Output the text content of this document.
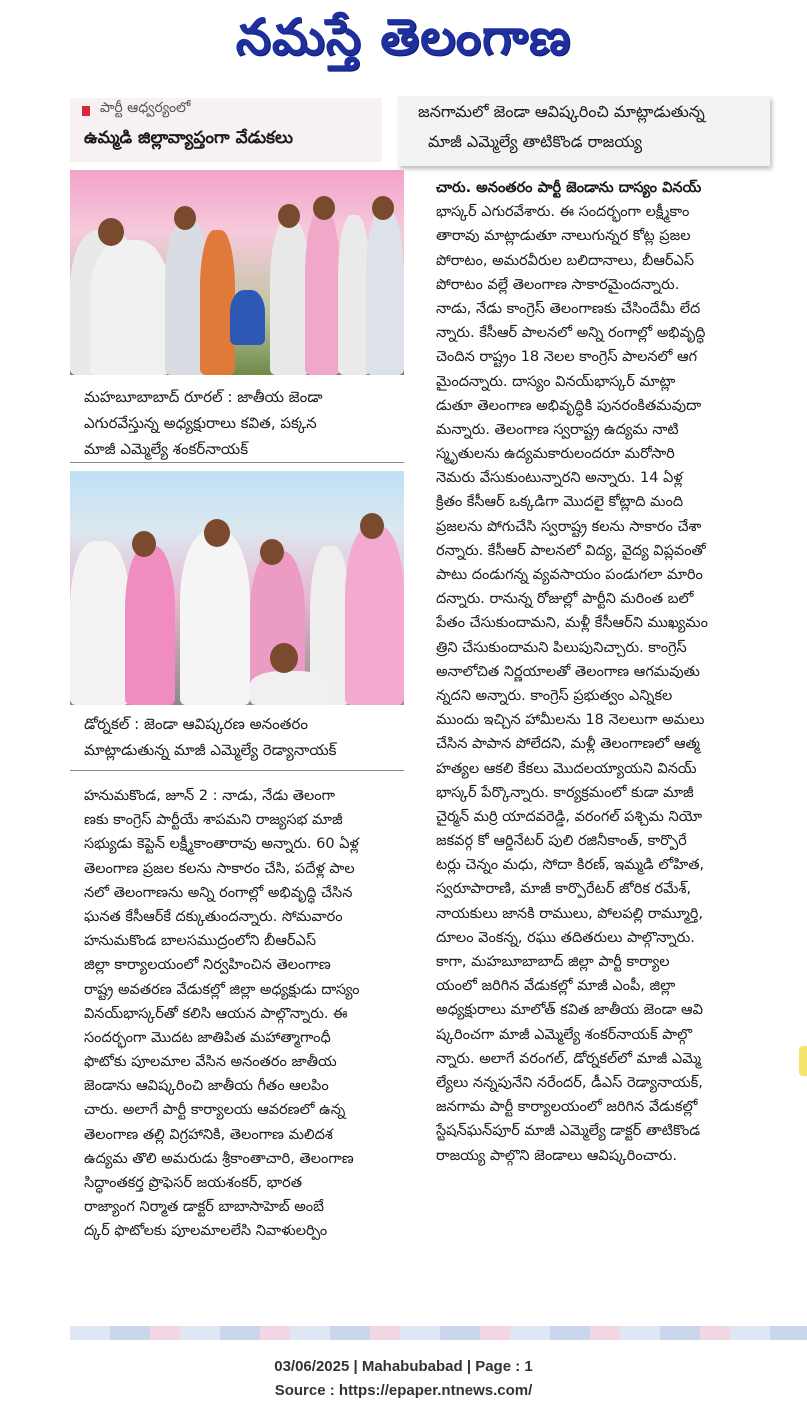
నమస్తే తెలంగాణ
పార్టీ ఆధ్వర్యంలో
ఉమ్మడి జిల్లావ్యాప్తంగా వేడుకలు
జనగామలో జెండా ఆవిష్కరించి మాట్లాడుతున్న
మాజీ ఎమ్మెల్యే తాటికొండ రాజయ్య
మహబూబాబాద్ రూరల్ : జాతీయ జెండా
ఎగురవేస్తున్న అధ్యక్షురాలు కవిత, పక్కన
మాజీ ఎమ్మెల్యే శంకర్‌నాయక్
డోర్నకల్ : జెండా ఆవిష్కరణ అనంతరం
మాట్లాడుతున్న మాజీ ఎమ్మెల్యే రెడ్యానాయక్
హనుమకొండ, జూన్ 2 : నాడు, నేడు తెలంగా
ణకు కాంగ్రెస్ పార్టీయే శాపమని రాజ్యసభ మాజీ
సభ్యుడు కెప్టెన్ లక్ష్మీకాంతారావు అన్నారు. 60 ఏళ్ల
తెలంగాణ ప్రజల కలను సాకారం చేసి, పదేళ్ల పాల
నలో తెలంగాణను అన్ని రంగాల్లో అభివృద్ధి చేసిన
ఘనత కేసీఆర్‌కే దక్కుతుందన్నారు. సోమవారం
హనుమకొండ బాలసముద్రంలోని బీఆర్‌ఎస్
జిల్లా కార్యాలయంలో నిర్వహించిన తెలంగాణ
రాష్ట్ర అవతరణ వేడుకల్లో జిల్లా అధ్యక్షుడు దాస్యం
వినయ్‌భాస్కర్‌తో కలిసి ఆయన పాల్గొన్నారు. ఈ
సందర్భంగా మొదట జాతిపిత మహాత్మాగాంధీ
ఫొటోకు పూలమాల వేసిన అనంతరం జాతీయ
జెండాను ఆవిష్కరించి జాతీయ గీతం ఆలపిం
చారు. అలాగే పార్టీ కార్యాలయ ఆవరణలో ఉన్న
తెలంగాణ తల్లి విగ్రహానికి, తెలంగాణ మలిదశ
ఉద్యమ తొలి అమరుడు శ్రీకాంతాచారి, తెలంగాణ
సిద్ధాంతకర్త ప్రొఫెసర్ జయశంకర్, భారత
రాజ్యాంగ నిర్మాత డాక్టర్ బాబాసాహెబ్ అంబే
ద్కర్ ఫొటోలకు పూలమాలలేసి నివాళులర్పిం
చారు. అనంతరం పార్టీ జెండాను దాస్యం వినయ్
భాస్కర్ ఎగురవేశారు. ఈ సందర్భంగా లక్ష్మీకాం
తారావు మాట్లాడుతూ నాలుగున్నర కోట్ల ప్రజల
పోరాటం, అమరవీరుల బలిదానాలు, బీఆర్‌ఎస్
పోరాటం వల్లే తెలంగాణ సాకారమైందన్నారు.
నాడు, నేడు కాంగ్రెస్ తెలంగాణకు చేసిందేమీ లేద
న్నారు. కేసీఆర్ పాలనలో అన్ని రంగాల్లో అభివృద్ధి
చెందిన రాష్ట్రం 18 నెలల కాంగ్రెస్ పాలనలో ఆగ
మైందన్నారు. దాస్యం వినయ్‌భాస్కర్ మాట్లా
డుతూ తెలంగాణ అభివృద్ధికి పునరంకితమవుదా
మన్నారు. తెలంగాణ స్వరాష్ట్ర ఉద్యమ నాటి
స్మృతులను ఉద్యమకారులందరూ మరోసారి
నెమరు వేసుకుంటున్నారని అన్నారు. 14 ఏళ్ల
క్రితం కేసీఆర్ ఒక్కడిగా మొదలై కోట్లాది మంది
ప్రజలను పోగుచేసి స్వరాష్ట్ర కలను సాకారం చేశా
రన్నారు. కేసీఆర్ పాలనలో విద్య, వైద్య విప్లవంతో
పాటు దండుగన్న వ్యవసాయం పండుగలా మారిం
దన్నారు. రానున్న రోజుల్లో పార్టీని మరింత బలో
పేతం చేసుకుందామని, మళ్లీ కేసీఆర్‌ని ముఖ్యమం
త్రిని చేసుకుందామని పిలుపునిచ్చారు. కాంగ్రెస్
అనాలోచిత నిర్ణయాలతో తెలంగాణ ఆగమవుతు
న్నదని అన్నారు. కాంగ్రెస్ ప్రభుత్వం ఎన్నికల
ముందు ఇచ్చిన హామీలను 18 నెలలుగా అమలు
చేసిన పాపాన పోలేదని, మళ్లీ తెలంగాణలో ఆత్మ
హత్యల ఆకలి కేకలు మొదలయ్యాయని వినయ్
భాస్కర్ పేర్కొన్నారు. కార్యక్రమంలో కుడా మాజీ
చైర్మన్ మర్రి యాదవరెడ్డి, వరంగల్ పశ్చిమ నియో
జకవర్గ కో ఆర్డినేటర్ పులి రజినీకాంత్, కార్పొరే
టర్లు చెన్నం మధు, సోదా కిరణ్, ఇమ్మడి లోహిత,
స్వరూపారాణి, మాజీ కార్పొరేటర్ జోరిక రమేశ్,
నాయకులు జానకి రాములు, పోలపల్లి రామ్మూర్తి,
దూలం వెంకన్న, రఘు తదితరులు పాల్గొన్నారు.
కాగా, మహబూబాబాద్ జిల్లా పార్టీ కార్యాల
యంలో జరిగిన వేడుకల్లో మాజీ ఎంపీ, జిల్లా
అధ్యక్షురాలు మాలోత్ కవిత జాతీయ జెండా ఆవి
ష్కరించగా మాజీ ఎమ్మెల్యే శంకర్‌నాయక్ పాల్గొ
న్నారు. అలాగే వరంగల్, డోర్నకల్‌లో మాజీ ఎమ్మె
ల్యేలు నన్నపునేని నరేందర్, డీఎస్ రెడ్యానాయక్,
జనగామ పార్టీ కార్యాలయంలో జరిగిన వేడుకల్లో
స్టేషన్‌ఘన్‌పూర్ మాజీ ఎమ్మెల్యే డాక్టర్ తాటికొండ
రాజయ్య పాల్గొని జెండాలు ఆవిష్కరించారు.
03/06/2025 | Mahabubabad | Page : 1
Source : https://epaper.ntnews.com/
